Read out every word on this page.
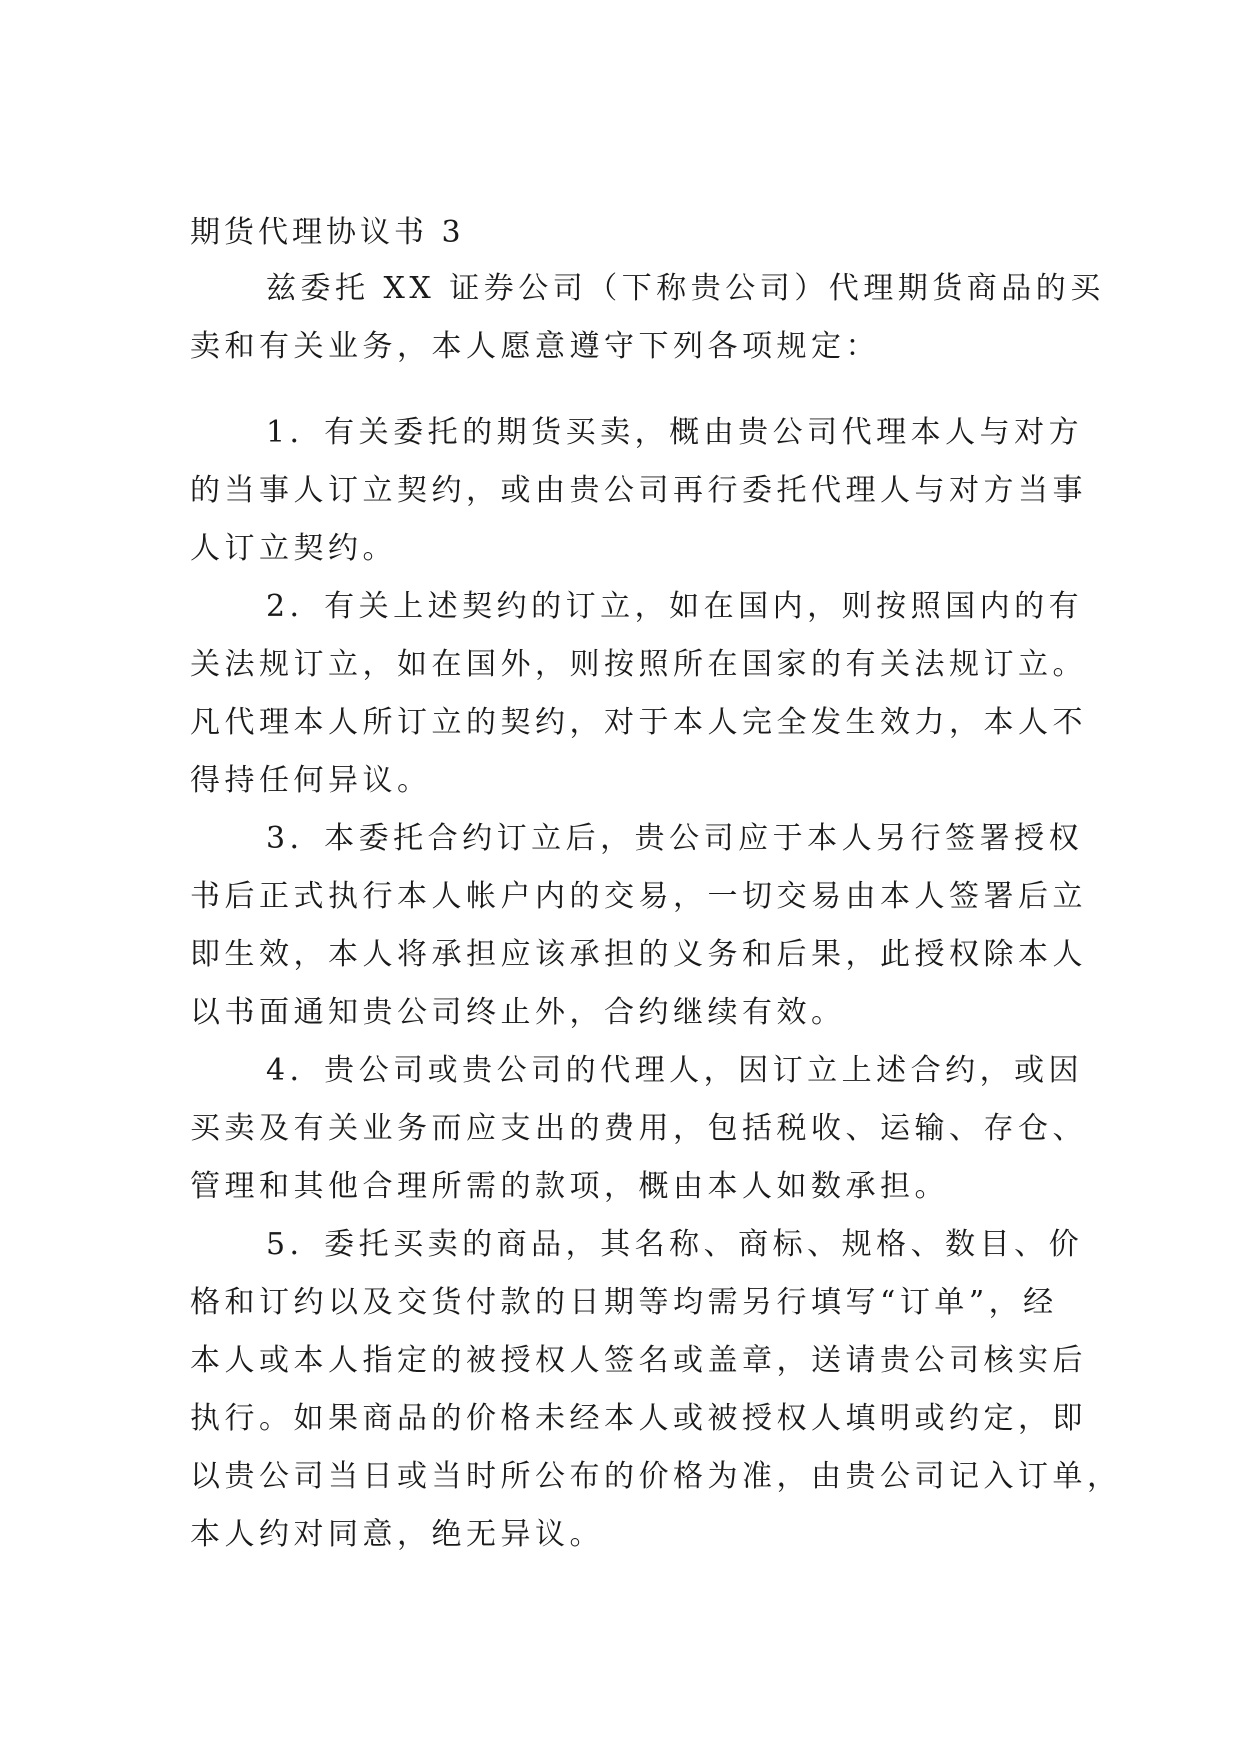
期货代理协议书 3

兹委托 XX 证券公司（下称贵公司）代理期货商品的买
卖和有关业务，本人愿意遵守下列各项规定：

1．有关委托的期货买卖，概由贵公司代理本人与对方
的当事人订立契约，或由贵公司再行委托代理人与对方当事
人订立契约。

2．有关上述契约的订立，如在国内，则按照国内的有
关法规订立，如在国外，则按照所在国家的有关法规订立。
凡代理本人所订立的契约，对于本人完全发生效力，本人不
得持任何异议。

3．本委托合约订立后，贵公司应于本人另行签署授权
书后正式执行本人帐户内的交易，一切交易由本人签署后立
即生效，本人将承担应该承担的义务和后果，此授权除本人
以书面通知贵公司终止外，合约继续有效。

4．贵公司或贵公司的代理人，因订立上述合约，或因
买卖及有关业务而应支出的费用，包括税收、运输、存仓、
管理和其他合理所需的款项，概由本人如数承担。

5．委托买卖的商品，其名称、商标、规格、数目、价
格和订约以及交货付款的日期等均需另行填写“订单”，经
本人或本人指定的被授权人签名或盖章，送请贵公司核实后
执行。如果商品的价格未经本人或被授权人填明或约定，即
以贵公司当日或当时所公布的价格为准，由贵公司记入订单，
本人约对同意，绝无异议。
